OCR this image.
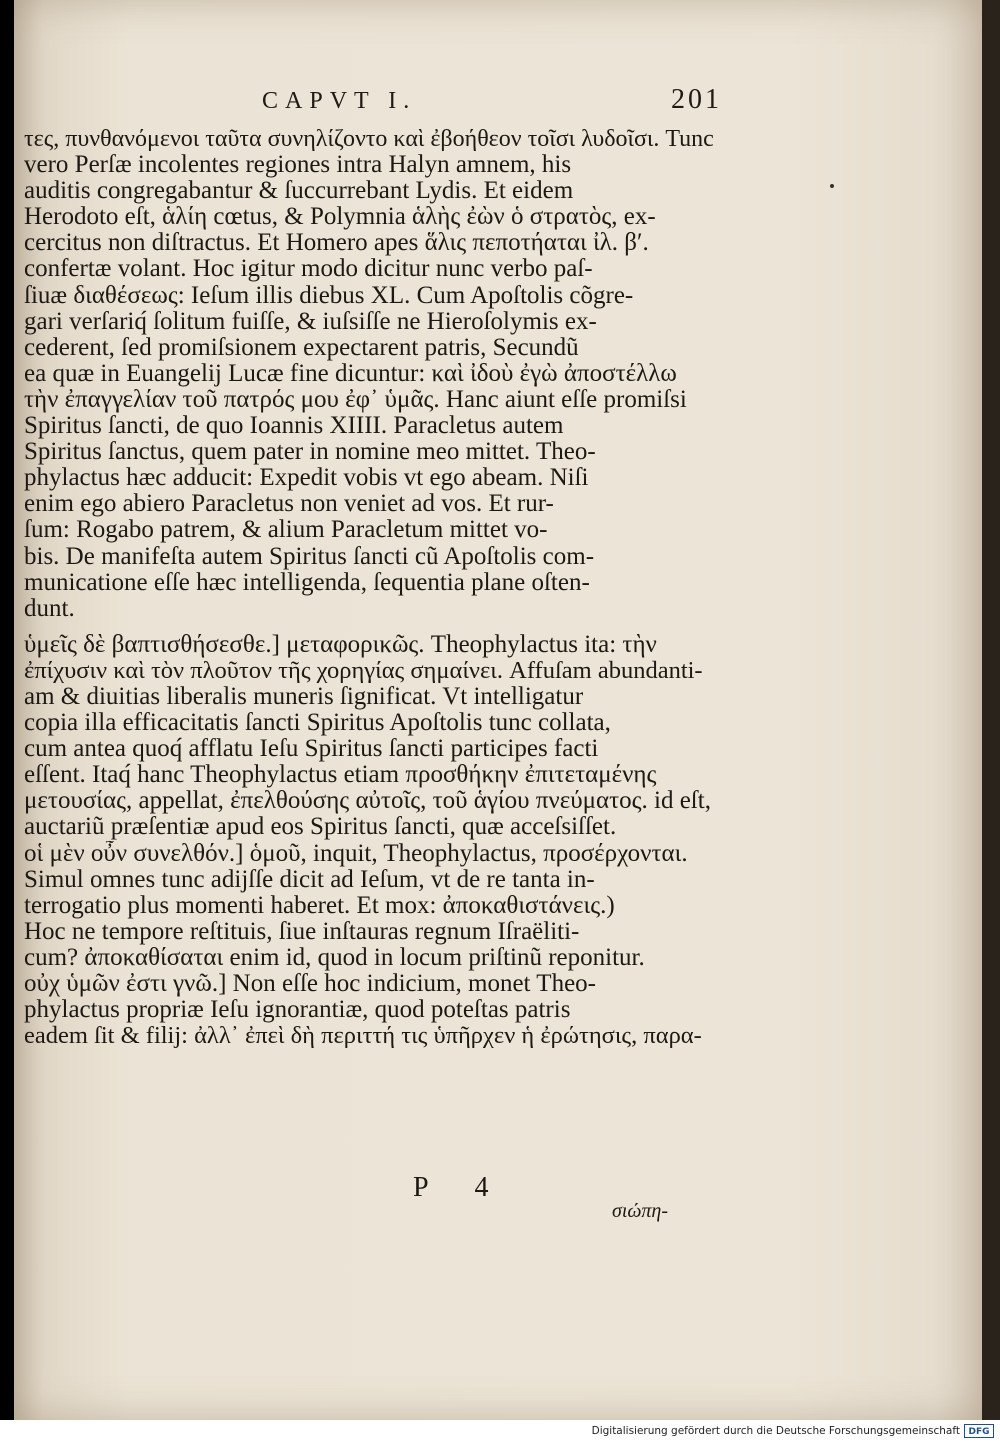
CAPVT I.	201
τες, πυνθανόμενοι ταῦτα συνηλίζοντο καὶ ἐβοήθεον τοῖσι λυδοῖσι. Tunc
vero Perſæ incolentes regiones intra Halyn amnem, his
auditis congregabantur & ſuccurrebant Lydis. Et eidem
Herodoto eſt, ἁλίη cœtus, & Polymnia ἁλὴς ἐὼν ὁ στρατὸς, ex-
cercitus non diſtractus. Et Homero apes ἅλις πεποτήαται ἰλ. β′.
confertæ volant. Hoc igitur modo dicitur nunc verbo paſ-
ſiuæ διαθέσεως: Ieſum illis diebus XL. Cum Apoſtolis cõgre-
gari verſariq́ ſolitum fuiſſe, & iuſsiſſe ne Hieroſolymis ex-
cederent, ſed promiſsionem expectarent patris, Secundũ
ea quæ in Euangelij Lucæ fine dicuntur: καὶ ἰδοὺ ἐγὼ ἀποστέλλω
τὴν ἐπαγγελίαν τοῦ πατρός μου ἐφ᾽ ὑμᾶς. Hanc aiunt eſſe promiſsi
Spiritus ſancti, de quo Ioannis XIIII. Paracletus autem
Spiritus ſanctus, quem pater in nomine meo mittet. Theo-
phylactus hæc adducit: Expedit vobis vt ego abeam. Niſi
enim ego abiero Paracletus non veniet ad vos. Et rur-
ſum: Rogabo patrem, & alium Paracletum mittet vo-
bis. De manifeſta autem Spiritus ſancti cũ Apoſtolis com-
municatione eſſe hæc intelligenda, ſequentia plane oſten-
dunt.
ὑμεῖς δὲ βαπτισθήσεσθε.] μεταφορικῶς. Theophylactus ita: τὴν
ἐπίχυσιν καὶ τὸν πλοῦτον τῆς χορηγίας σημαίνει. Affuſam abundanti-
am & diuitias liberalis muneris ſignificat. Vt intelligatur
copia illa efficacitatis ſancti Spiritus Apoſtolis tunc collata,
cum antea quoq́ afflatu Ieſu Spiritus ſancti participes facti
eſſent. Itaq́ hanc Theophylactus etiam προσθήκην ἐπιτεταμένης
μετουσίας, appellat, ἐπελθούσης αὐτοῖς, τοῦ ἁγίου πνεύματος. id eſt,
auctariũ præſentiæ apud eos Spiritus ſancti, quæ acceſsiſſet.
οἱ μὲν οὖν συνελθόν.] ὁμοῦ, inquit, Theophylactus, προσέρχονται.
Simul omnes tunc adijſſe dicit ad Ieſum, vt de re tanta in-
terrogatio plus momenti haberet. Et mox: ἀποκαθιστάνεις.)
Hoc ne tempore reſtituis, ſiue inſtauras regnum Iſraëliti-
cum? ἀποκαθίσαται enim id, quod in locum priſtinũ reponitur.
οὐχ ὑμῶν ἐστι γνῶ.] Non eſſe hoc indicium, monet Theo-
phylactus propriæ Ieſu ignorantiæ, quod poteſtas patris
eadem ſit & filij: ἀλλ᾽ ἐπεὶ δὴ περιττή τις ὑπῆρχεν ἡ ἐρώτησις, παρα-
P 4
σιώπη-
Digitalisierung gefördert durch die Deutsche Forschungsgemeinschaft DFG
